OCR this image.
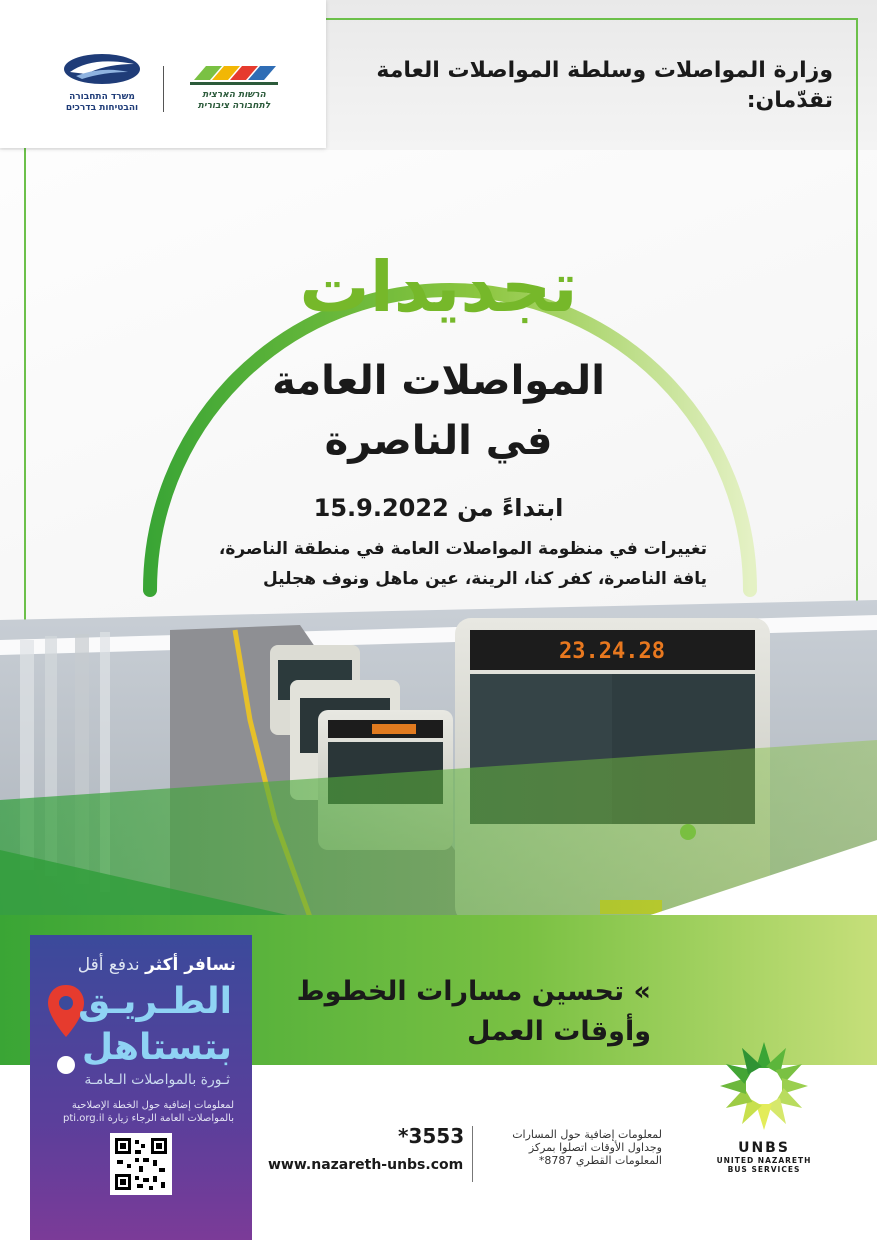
משרד התחבורה
והבטיחות בדרכים
הרשות הארצית
לתחבורה ציבורית
وزارة المواصلات وسلطة المواصلات العامة
تقدّمان:
تجديدات
المواصلات العامة
في الناصرة
ابتداءً من 15.9.2022
تغييرات في منظومة المواصلات العامة في منطقة الناصرة،
يافة الناصرة، كفر كنا، الرينة، عين ماهل ونوف هجليل
23.24.28
» تحسين مسارات الخطوط
وأوقات العمل
نسافر أكثر ندفع أقل
الطـريـق
بتستاهل
ثـورة بالمواصلات الـعامـة
لمعلومات إضافية حول الخطة الإصلاحية
بالمواصلات العامة الرجاء زيارة pti.org.il
*3553
www.nazareth-unbs.com
لمعلومات إضافية حول المسارات
وجداول الأوقات اتصلوا بمركز
المعلومات القطري 8787*
UNBS
UNITED NAZARETH
BUS SERVICES
